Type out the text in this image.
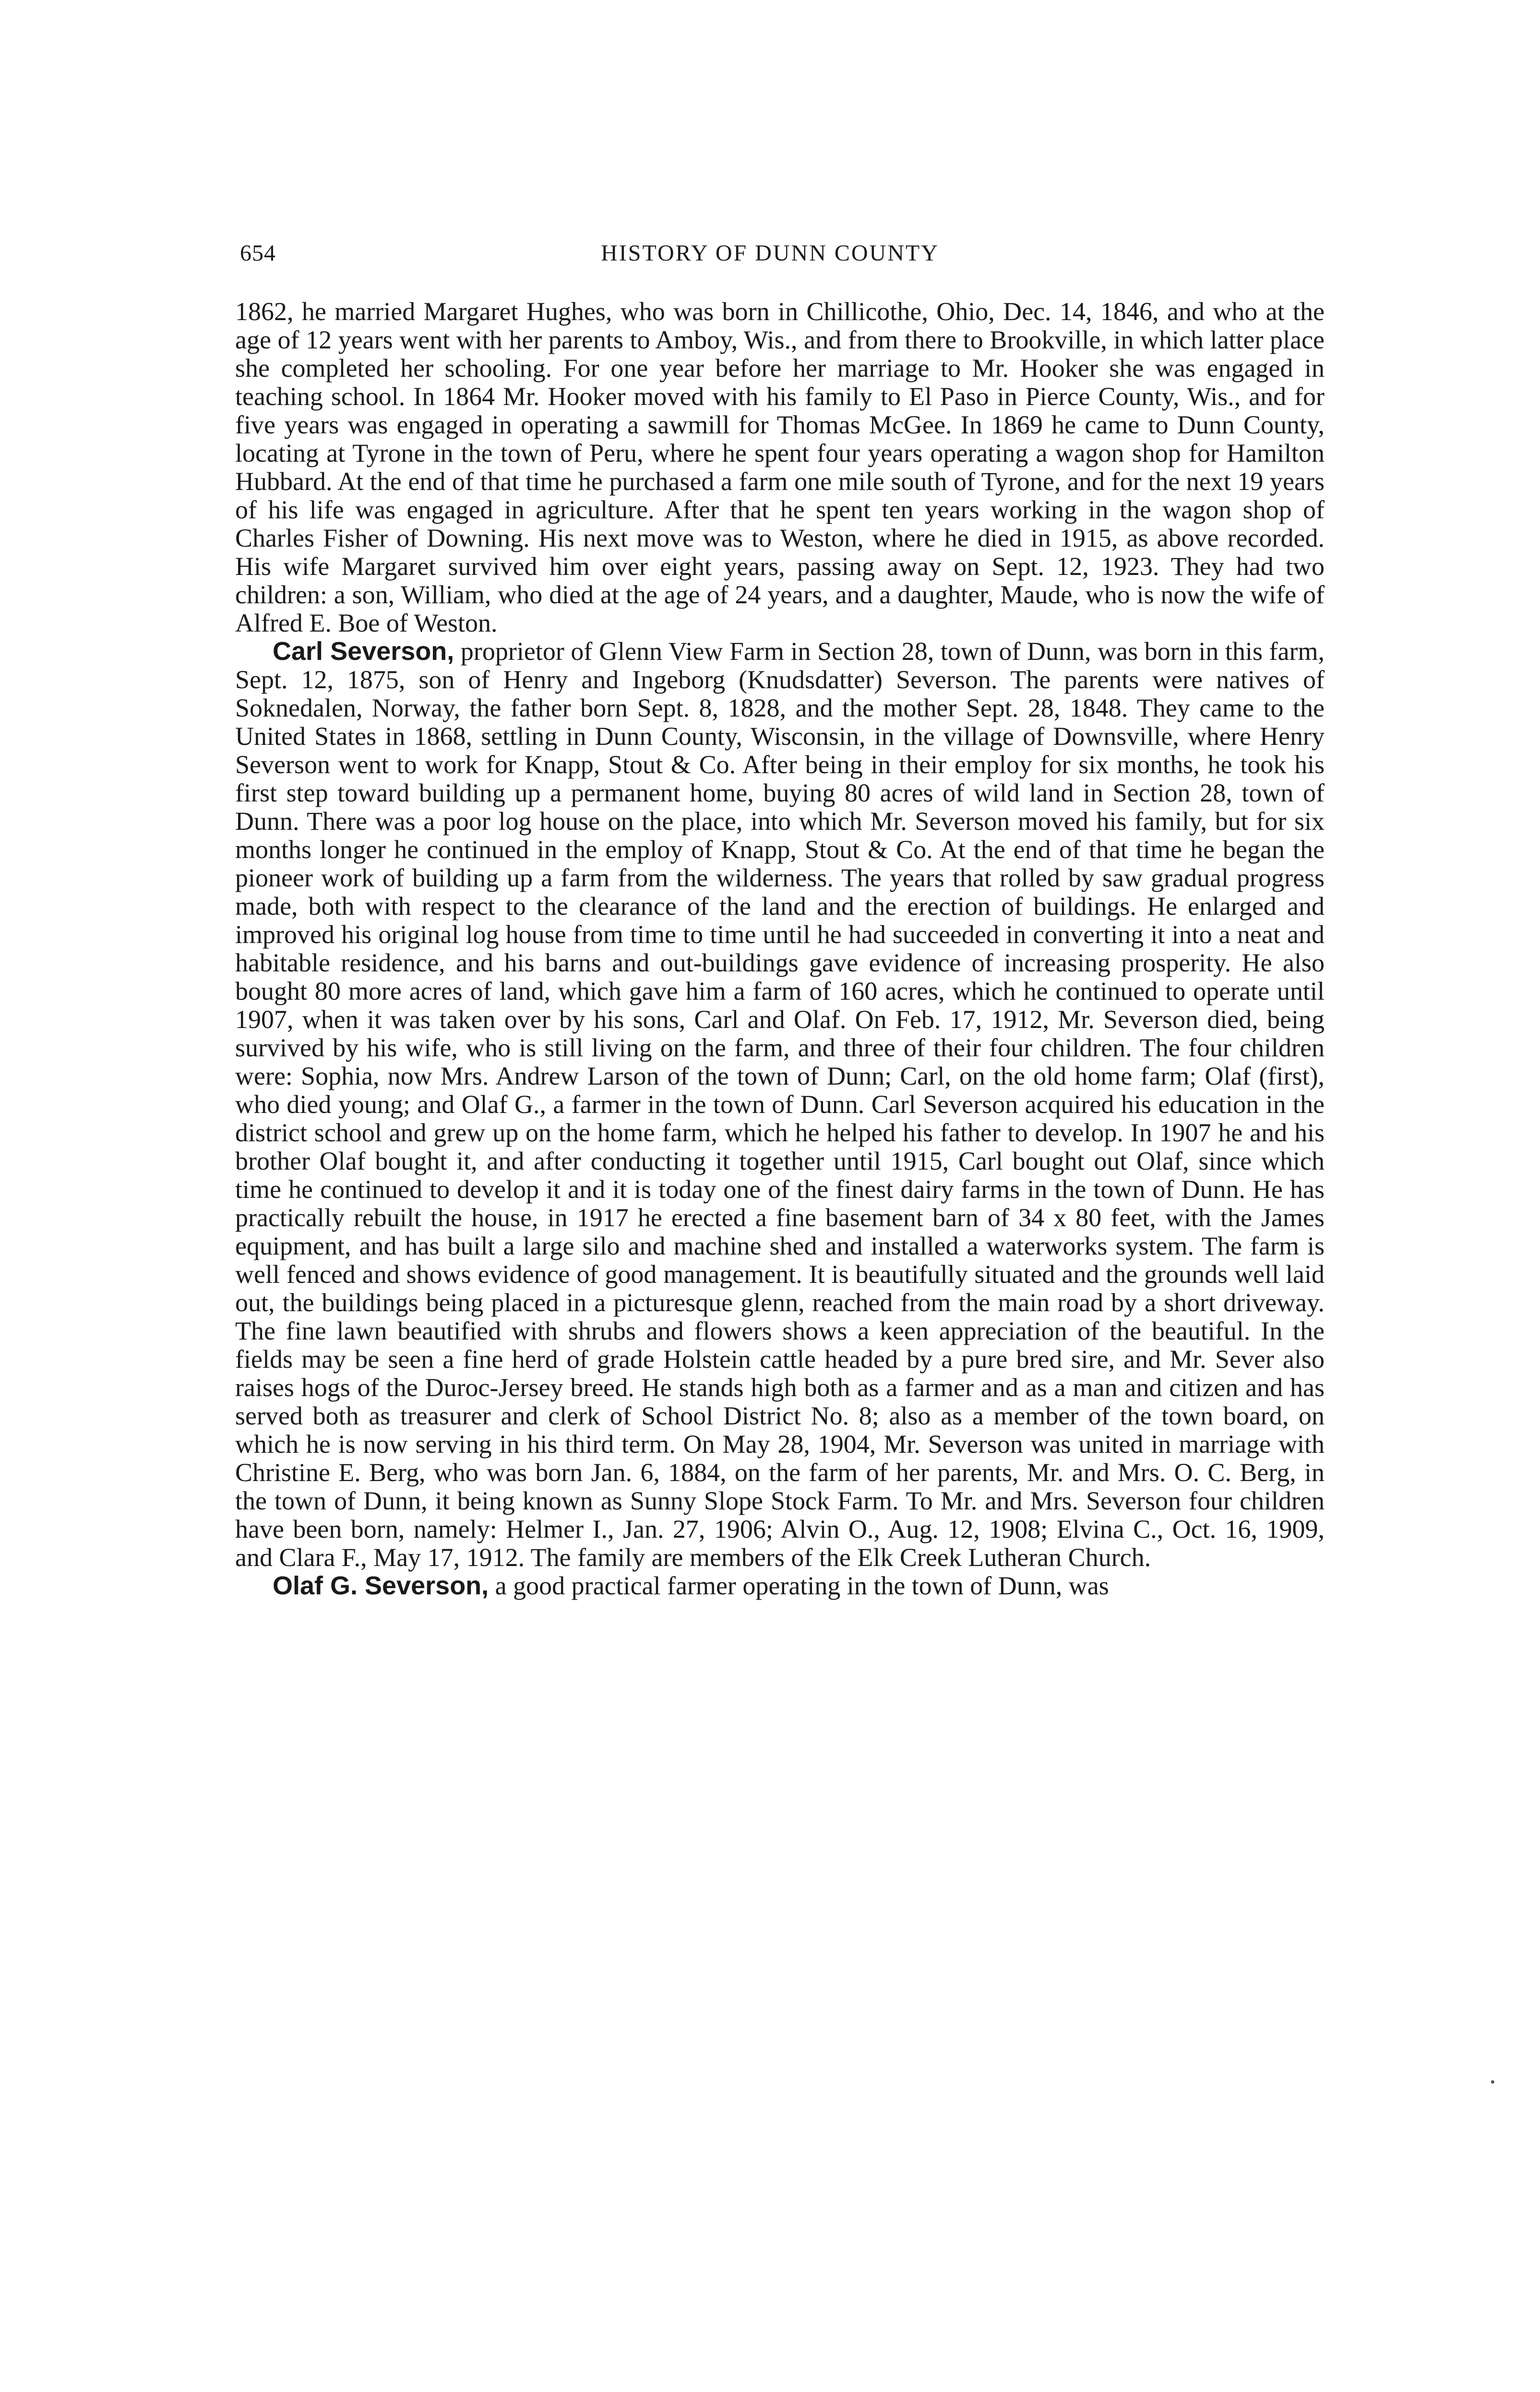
654	HISTORY OF DUNN COUNTY

1862, he married Margaret Hughes, who was born in Chillicothe, Ohio, Dec. 14, 1846, and who at the age of 12 years went with her parents to Amboy, Wis., and from there to Brookville, in which latter place she completed her schooling. For one year before her marriage to Mr. Hooker she was engaged in teaching school. In 1864 Mr. Hooker moved with his family to El Paso in Pierce County, Wis., and for five years was engaged in operating a sawmill for Thomas McGee. In 1869 he came to Dunn County, locating at Tyrone in the town of Peru, where he spent four years operating a wagon shop for Hamilton Hubbard. At the end of that time he purchased a farm one mile south of Tyrone, and for the next 19 years of his life was engaged in agriculture. After that he spent ten years working in the wagon shop of Charles Fisher of Downing. His next move was to Weston, where he died in 1915, as above recorded. His wife Margaret survived him over eight years, passing away on Sept. 12, 1923. They had two children: a son, William, who died at the age of 24 years, and a daughter, Maude, who is now the wife of Alfred E. Boe of Weston.

Carl Severson, proprietor of Glenn View Farm in Section 28, town of Dunn, was born in this farm, Sept. 12, 1875, son of Henry and Ingeborg (Knudsdatter) Severson. The parents were natives of Soknedalen, Norway, the father born Sept. 8, 1828, and the mother Sept. 28, 1848. They came to the United States in 1868, settling in Dunn County, Wisconsin, in the village of Downsville, where Henry Severson went to work for Knapp, Stout & Co. After being in their employ for six months, he took his first step toward building up a permanent home, buying 80 acres of wild land in Section 28, town of Dunn. There was a poor log house on the place, into which Mr. Severson moved his family, but for six months longer he continued in the employ of Knapp, Stout & Co. At the end of that time he began the pioneer work of building up a farm from the wilderness. The years that rolled by saw gradual progress made, both with respect to the clearance of the land and the erection of buildings. He enlarged and improved his original log house from time to time until he had succeeded in converting it into a neat and habitable residence, and his barns and out-buildings gave evidence of increasing prosperity. He also bought 80 more acres of land, which gave him a farm of 160 acres, which he continued to operate until 1907, when it was taken over by his sons, Carl and Olaf. On Feb. 17, 1912, Mr. Severson died, being survived by his wife, who is still living on the farm, and three of their four children. The four children were: Sophia, now Mrs. Andrew Larson of the town of Dunn; Carl, on the old home farm; Olaf (first), who died young; and Olaf G., a farmer in the town of Dunn. Carl Severson acquired his education in the district school and grew up on the home farm, which he helped his father to develop. In 1907 he and his brother Olaf bought it, and after conducting it together until 1915, Carl bought out Olaf, since which time he continued to develop it and it is today one of the finest dairy farms in the town of Dunn. He has practically rebuilt the house, in 1917 he erected a fine basement barn of 34 x 80 feet, with the James equipment, and has built a large silo and machine shed and installed a waterworks system. The farm is well fenced and shows evidence of good management. It is beautifully situated and the grounds well laid out, the buildings being placed in a picturesque glenn, reached from the main road by a short driveway. The fine lawn beautified with shrubs and flowers shows a keen appreciation of the beautiful. In the fields may be seen a fine herd of grade Holstein cattle headed by a pure bred sire, and Mr. Sever also raises hogs of the Duroc-Jersey breed. He stands high both as a farmer and as a man and citizen and has served both as treasurer and clerk of School District No. 8; also as a member of the town board, on which he is now serving in his third term. On May 28, 1904, Mr. Severson was united in marriage with Christine E. Berg, who was born Jan. 6, 1884, on the farm of her parents, Mr. and Mrs. O. C. Berg, in the town of Dunn, it being known as Sunny Slope Stock Farm. To Mr. and Mrs. Severson four children have been born, namely: Helmer I., Jan. 27, 1906; Alvin O., Aug. 12, 1908; Elvina C., Oct. 16, 1909, and Clara F., May 17, 1912. The family are members of the Elk Creek Lutheran Church.

Olaf G. Severson, a good practical farmer operating in the town of Dunn, was

•
